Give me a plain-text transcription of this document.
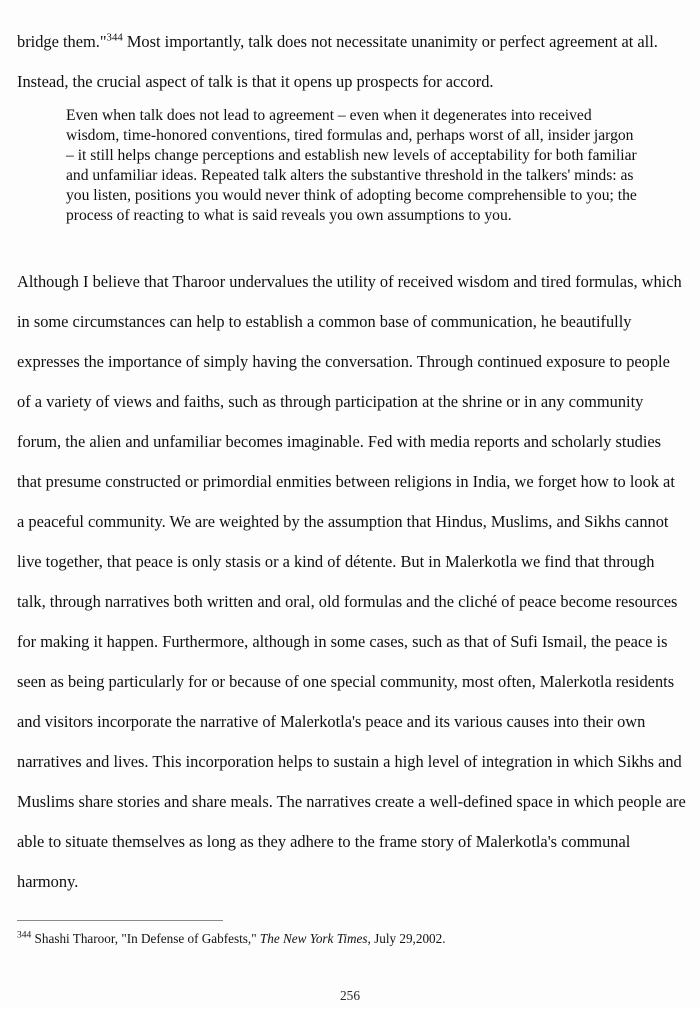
bridge them."$^{344}$ Most importantly, talk does not necessitate unanimity or perfect agreement at all. Instead, the crucial aspect of talk is that it opens up prospects for accord.

Even when talk does not lead to agreement – even when it degenerates into received wisdom, time-honored conventions, tired formulas and, perhaps worst of all, insider jargon – it still helps change perceptions and establish new levels of acceptability for both familiar and unfamiliar ideas. Repeated talk alters the substantive threshold in the talkers' minds: as you listen, positions you would never think of adopting become comprehensible to you; the process of reacting to what is said reveals you own assumptions to you.

Although I believe that Tharoor undervalues the utility of received wisdom and tired formulas, which in some circumstances can help to establish a common base of communication, he beautifully expresses the importance of simply having the conversation. Through continued exposure to people of a variety of views and faiths, such as through participation at the shrine or in any community forum, the alien and unfamiliar becomes imaginable. Fed with media reports and scholarly studies that presume constructed or primordial enmities between religions in India, we forget how to look at a peaceful community. We are weighted by the assumption that Hindus, Muslims, and Sikhs cannot live together, that peace is only stasis or a kind of détente. But in Malerkotla we find that through talk, through narratives both written and oral, old formulas and the cliché of peace become resources for making it happen. Furthermore, although in some cases, such as that of Sufi Ismail, the peace is seen as being particularly for or because of one special community, most often, Malerkotla residents and visitors incorporate the narrative of Malerkotla's peace and its various causes into their own narratives and lives. This incorporation helps to sustain a high level of integration in which Sikhs and Muslims share stories and share meals. The narratives create a well-defined space in which people are able to situate themselves as long as they adhere to the frame story of Malerkotla's communal harmony.

$^{344}$ Shashi Tharoor, "In Defense of Gabfests," The New York Times, July 29,2002.
256
